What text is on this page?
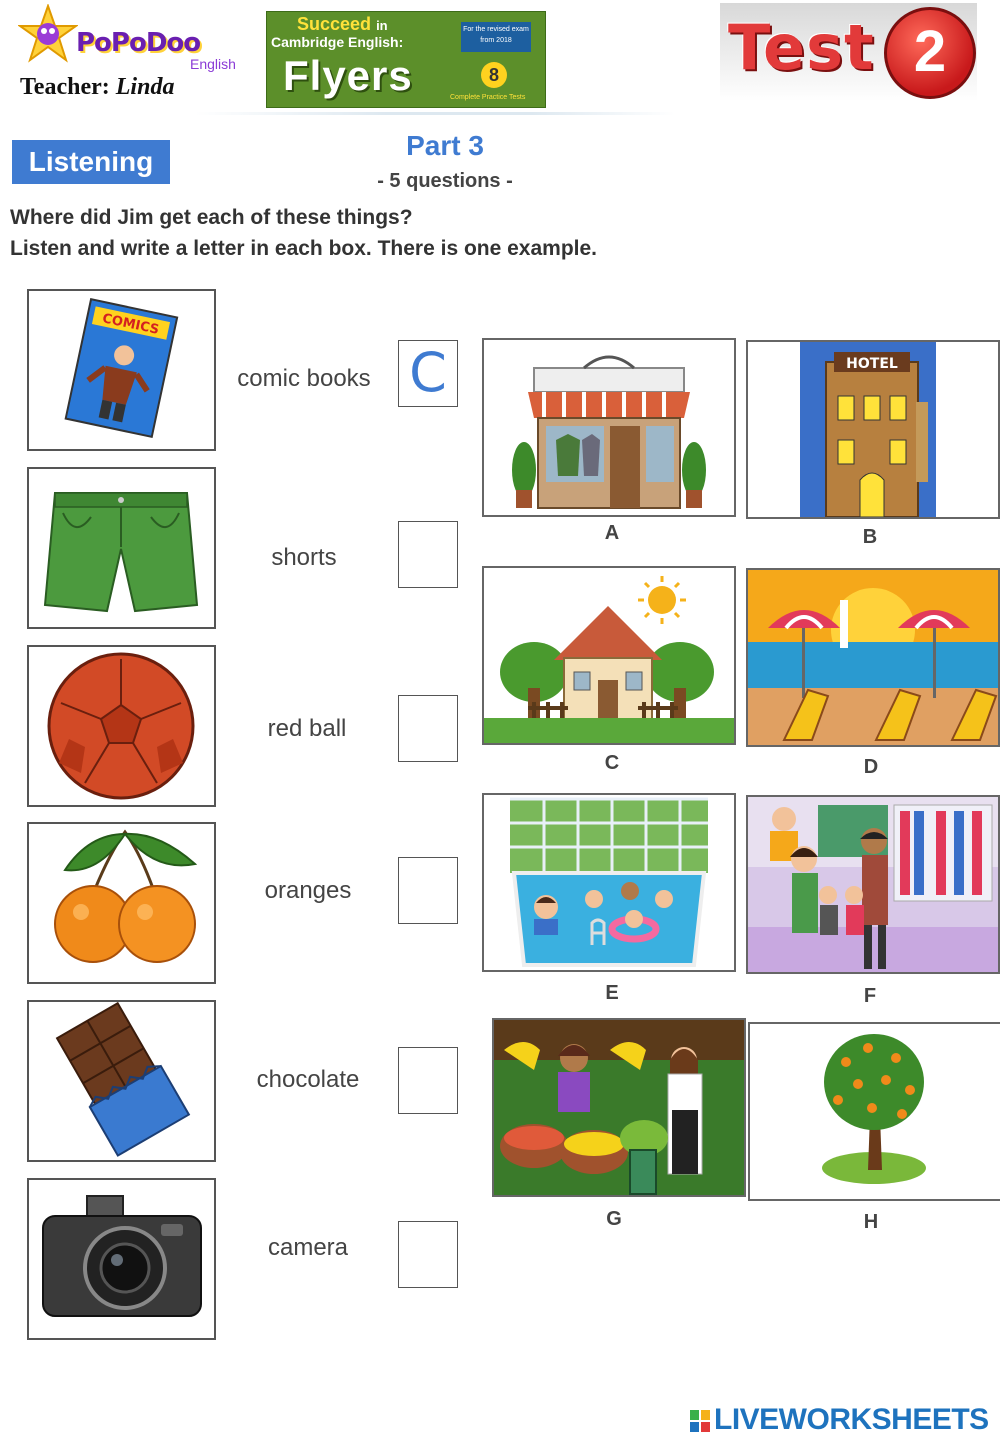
PoPoDoo
English
Teacher: Linda
Succeed in
Cambridge English:
Flyers
For the revised exam from 2018
8
Complete Practice Tests
Test 2
Listening
Part 3
- 5 questions -
Where did Jim get each of these things?
Listen and write a letter in each box. There is one example.
COMICS
comic books C
shorts
red ball
oranges
chocolate
camera
A
HOTEL
B
C	D
E	F
G	H
LIVEWORKSHEETS
